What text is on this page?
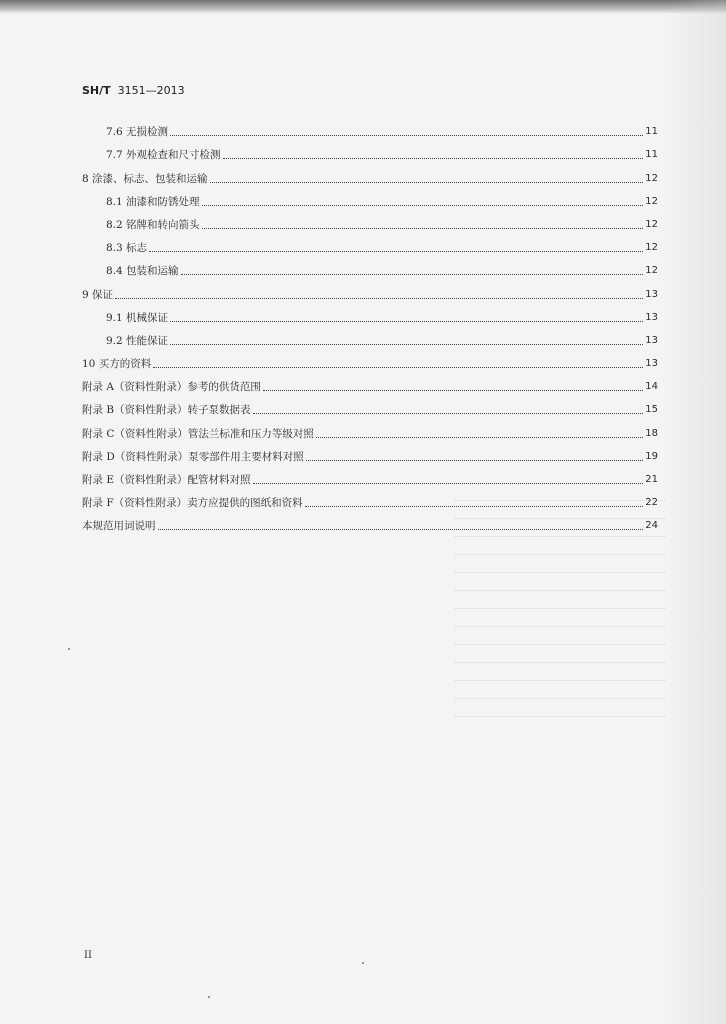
SH/T 3151—2013
7.6 无损检测	11
7.7 外观检查和尺寸检测	11
8 涂漆、标志、包装和运输	12
8.1 油漆和防锈处理	12
8.2 铭牌和转向箭头	12
8.3 标志	12
8.4 包装和运输	12
9 保证	13
9.1 机械保证	13
9.2 性能保证	13
10 买方的资料	13
附录 A（资料性附录）参考的供货范围	14
附录 B（资料性附录）转子泵数据表	15
附录 C（资料性附录）管法兰标准和压力等级对照	18
附录 D（资料性附录）泵零部件用主要材料对照	19
附录 E（资料性附录）配管材料对照	21
附录 F（资料性附录）卖方应提供的图纸和资料	22
本规范用词说明	24
II
